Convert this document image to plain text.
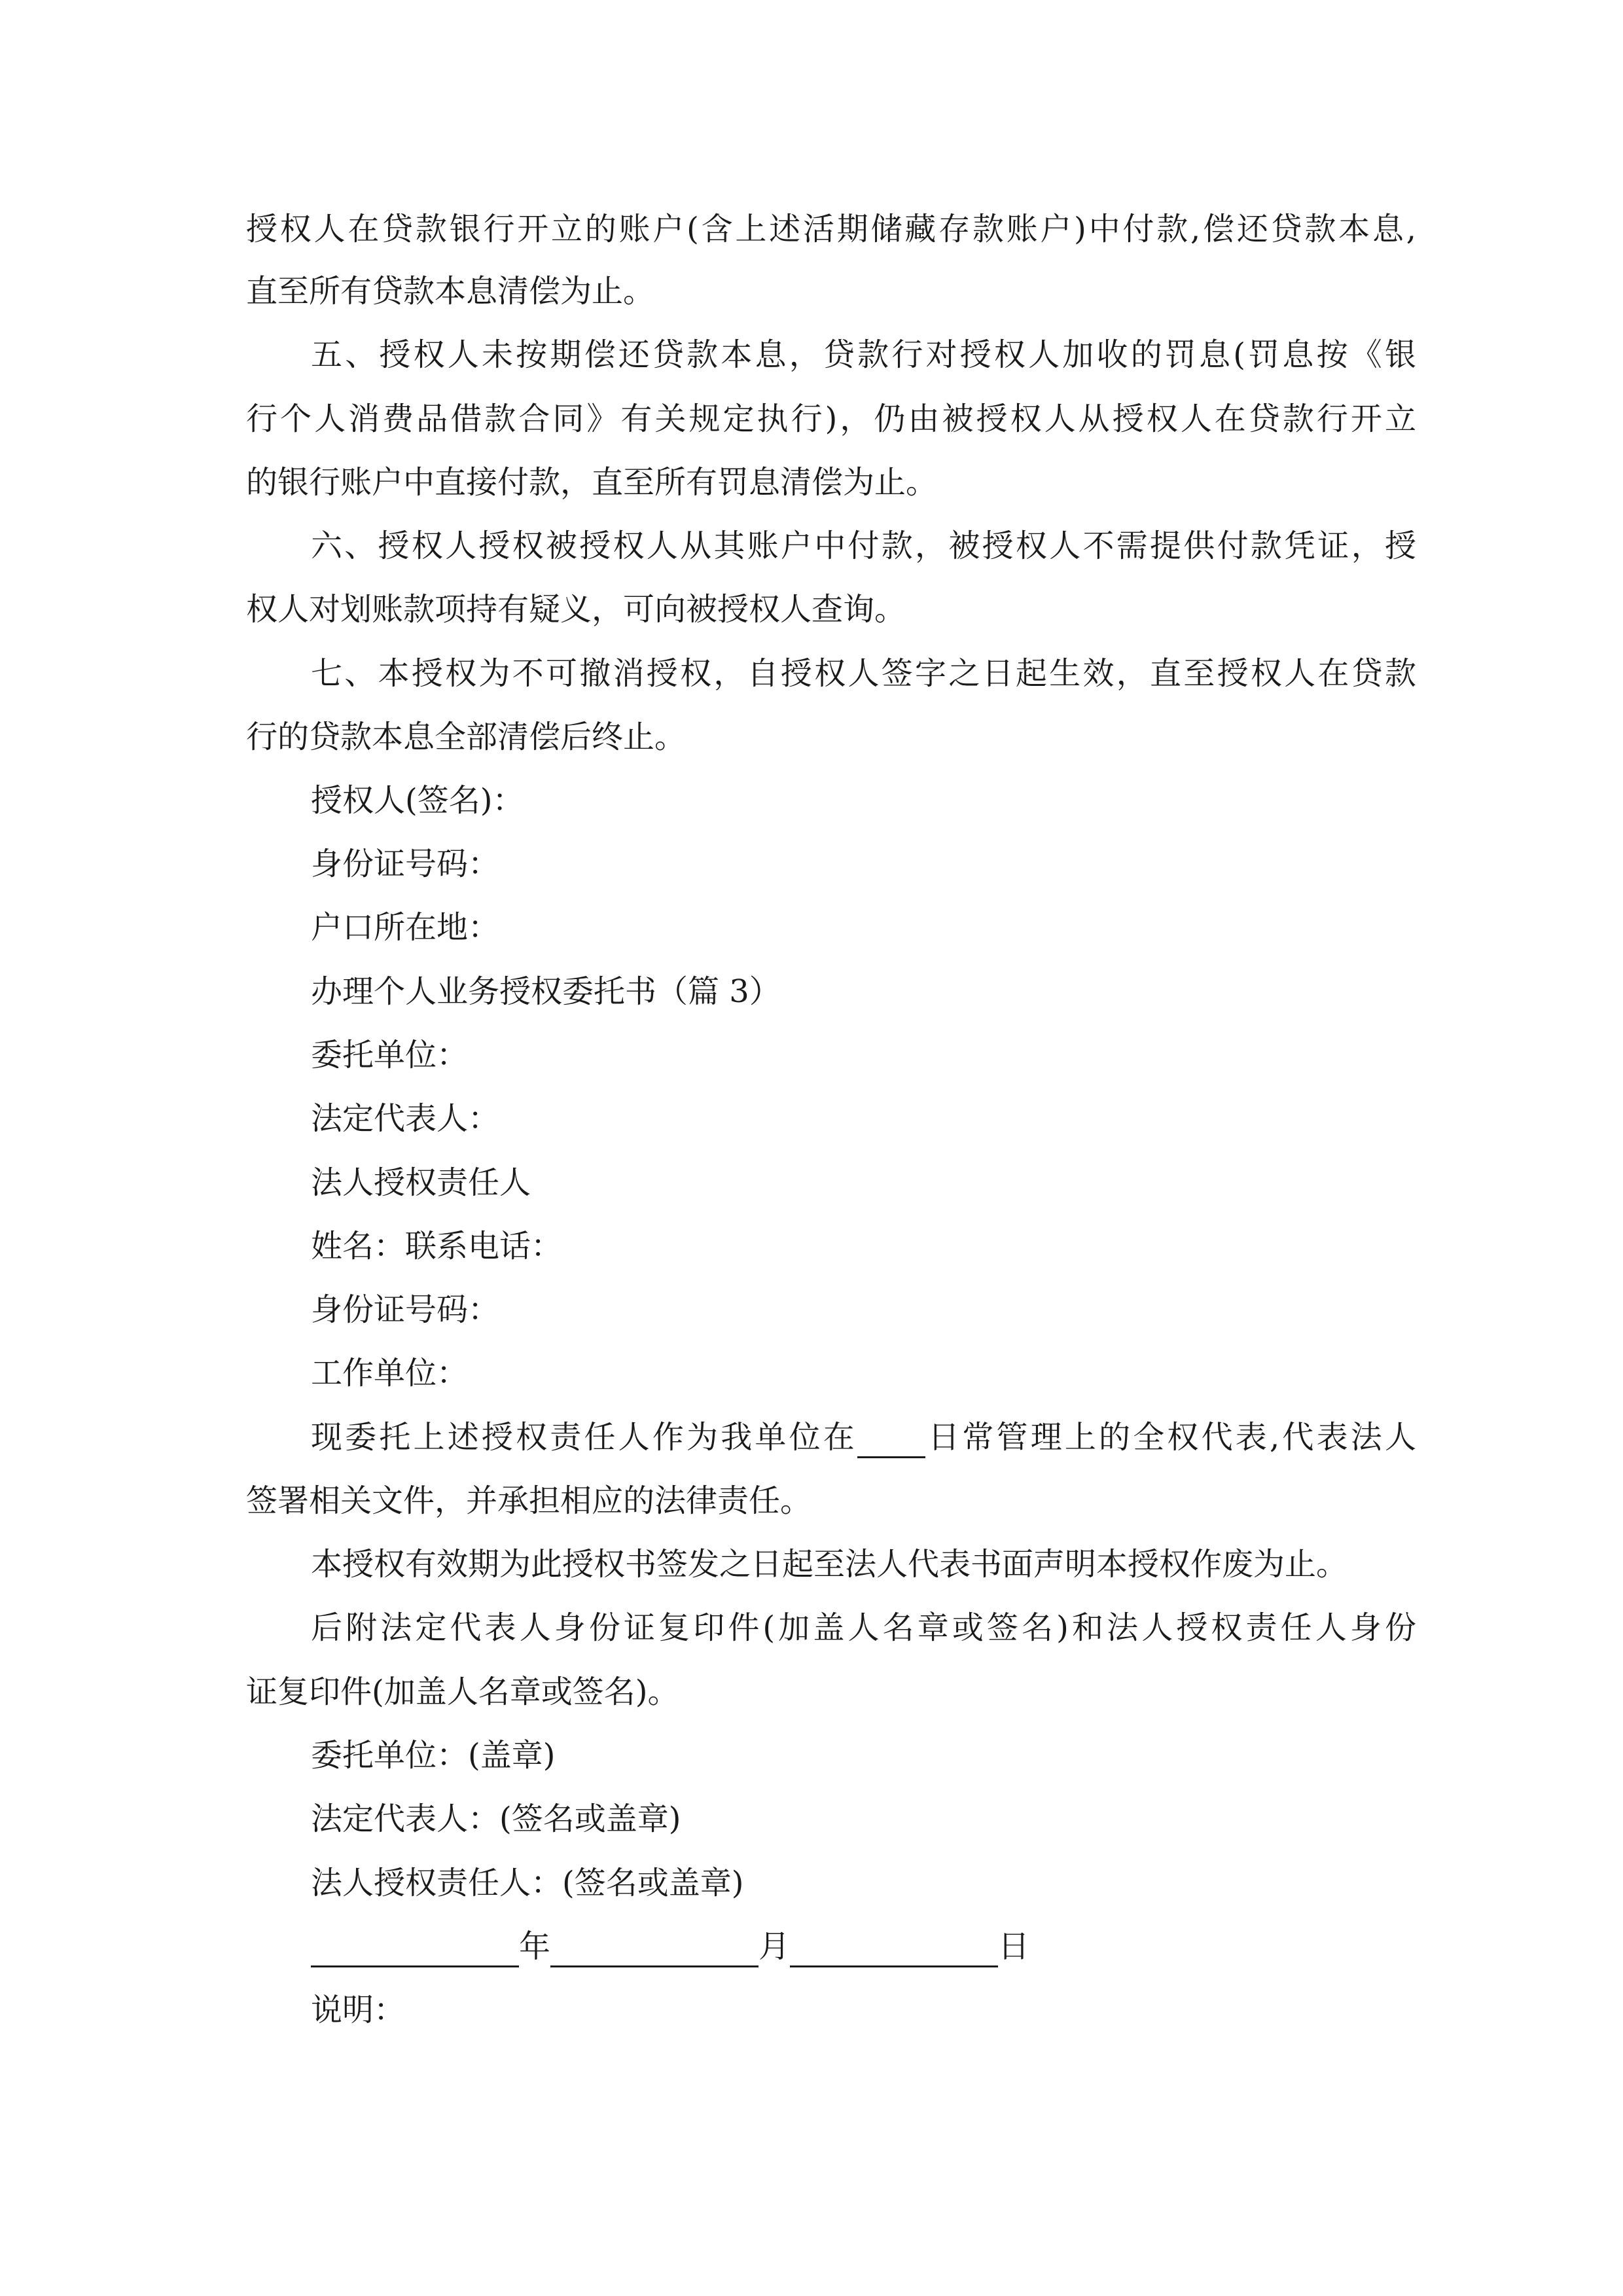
授权人在贷款银行开立的账户(含上述活期储藏存款账户)中付款,偿还贷款本息,
直至所有贷款本息清偿为止。
五、授权人未按期偿还贷款本息，贷款行对授权人加收的罚息(罚息按《银
行个人消费品借款合同》有关规定执行)，仍由被授权人从授权人在贷款行开立
的银行账户中直接付款，直至所有罚息清偿为止。
六、授权人授权被授权人从其账户中付款，被授权人不需提供付款凭证，授
权人对划账款项持有疑义，可向被授权人查询。
七、本授权为不可撤消授权，自授权人签字之日起生效，直至授权人在贷款
行的贷款本息全部清偿后终止。
授权人(签名)：
身份证号码：
户口所在地：
办理个人业务授权委托书（篇 3）
委托单位：
法定代表人：
法人授权责任人
姓名：联系电话：
身份证号码：
工作单位：
现委托上述授权责任人作为我单位在 日常管理上的全权代表,代表法人
签署相关文件，并承担相应的法律责任。
本授权有效期为此授权书签发之日起至法人代表书面声明本授权作废为止。
后附法定代表人身份证复印件(加盖人名章或签名)和法人授权责任人身份
证复印件(加盖人名章或签名)。
委托单位：(盖章)
法定代表人：(签名或盖章)
法人授权责任人：(签名或盖章)
年	月	日
说明：
